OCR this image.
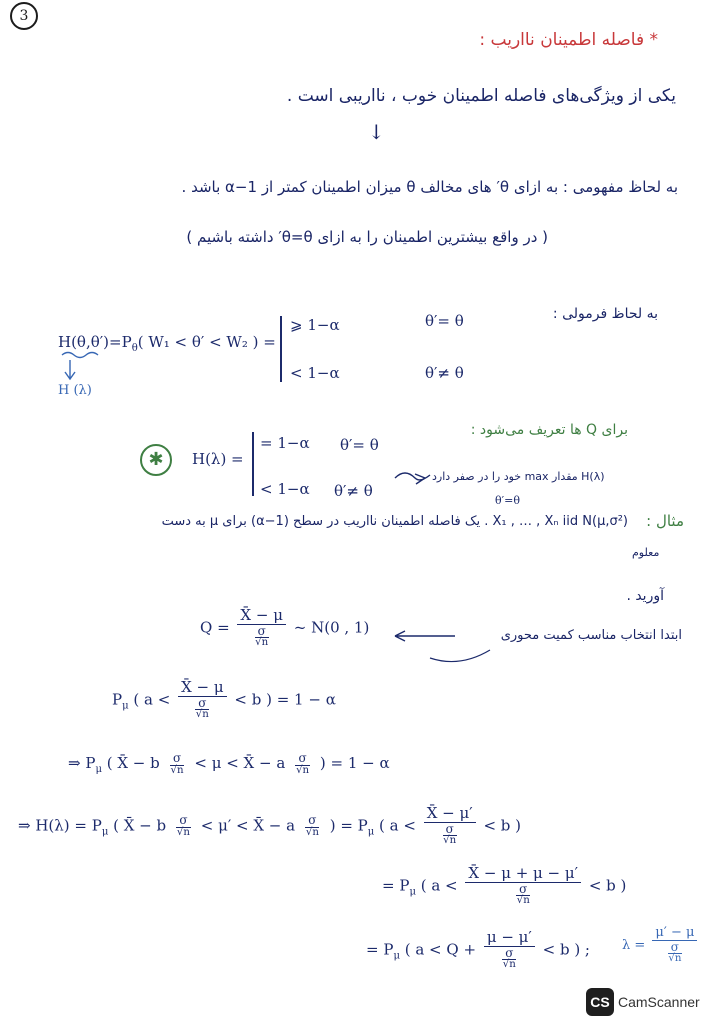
3
* فاصله اطمینان نااریب :
یکی از ویژگی‌های فاصله اطمینان خوب ، نااریبی است .
↓
به لحاظ مفهومی : به ازای θ′ های مخالف θ میزان اطمینان کمتر از α−1 باشد .
( در واقع بیشترین اطمینان را به ازای θ=θ′ داشته باشیم )
به لحاظ فرمولی :
$H(\theta,\theta')=P_\theta$( W₁ < θ′ < W₂ ) =
⩾ 1−α	θ′= θ
< 1−α	θ′≠ θ
H (λ)
برای Q ها تعریف می‌شود :
✱	H(λ) =
= 1−α θ′= θ
< 1−α θ′≠ θ
H(λ) مقدار max خود را در صفر دارد
θ′=θ
مثال :
X₁ , … , Xₙ iid N(μ,σ²) . یک فاصله اطمینان نااریب در سطح (α−1) برای μ به دست
معلوم
آورید .
$Q = \frac{X̄ - \mu}{\frac{\sigma}{√n}}$ ~ N(0 , 1)	ابتدا انتخاب مناسب کمیت محوری
$P_\mu$ ( $a < \frac{X̄ - \mu}{\frac{\sigma}{√n}} < b$ ) = 1 − α
⇒ $P_\mu$ ( X̄ − b $\frac{\sigma}{√n} < \mu$ < X̄ − a $\frac{\sigma}{√n}$ ) = 1 − α
⇒ $H(\lambda) = P_\mu$ ( X̄ − b $\frac{\sigma}{√n} < \mu'$ < X̄ − a $\frac{\sigma}{√n}$ ) = $P_\mu$ ( $a < \frac{X̄ - \mu'}{\frac{\sigma}{√n}} < b$ )
= $P_\mu$ ( $a < \frac{X̄ - \mu + \mu - \mu'}{\frac{\sigma}{√n}} < b$ )
= $P_\mu$ ( $a < Q + \frac{\mu - \mu'}{\frac{\sigma}{√n}} < b$ ) ; $\lambda = \frac{\mu' - \mu}{\frac{\sigma}{√n}}$
CS CamScanner
